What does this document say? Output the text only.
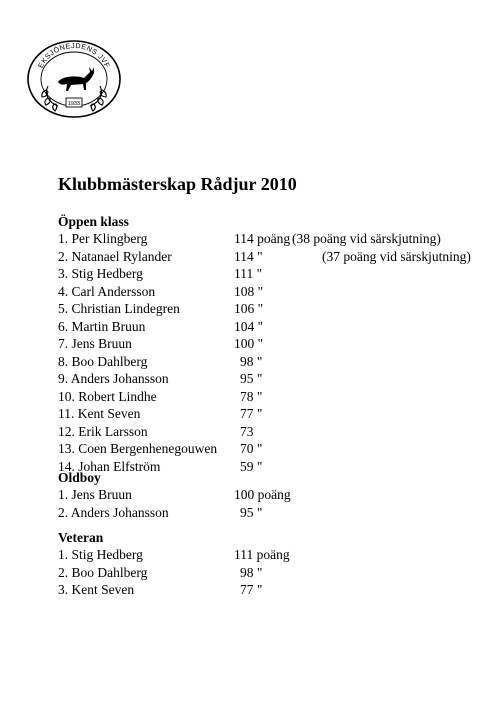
EKSJÖNEJDENS JVF
1933
Klubbmästerskap Rådjur 2010
Öppen klass
1. Per Klingberg	114 poäng (38 poäng vid särskjutning)
2. Natanael Rylander	114 "	(37 poäng vid särskjutning)
3. Stig Hedberg	111 "
4. Carl Andersson	108 "
5. Christian Lindegren	106 "
6. Martin Bruun	104 "
7. Jens Bruun	100 "
8. Boo Dahlberg	98 "
9. Anders Johansson	95 "
10. Robert Lindhe	78 "
11. Kent Seven	77 "
12. Erik Larsson	73
13. Coen Bergenhenegouwen 70 "
14. Johan Elfström	59 "
Oldboy
1. Jens Bruun	100 poäng
2. Anders Johansson	95 "
Veteran
1. Stig Hedberg	111 poäng
2. Boo Dahlberg	98 "
3. Kent Seven	77 "
